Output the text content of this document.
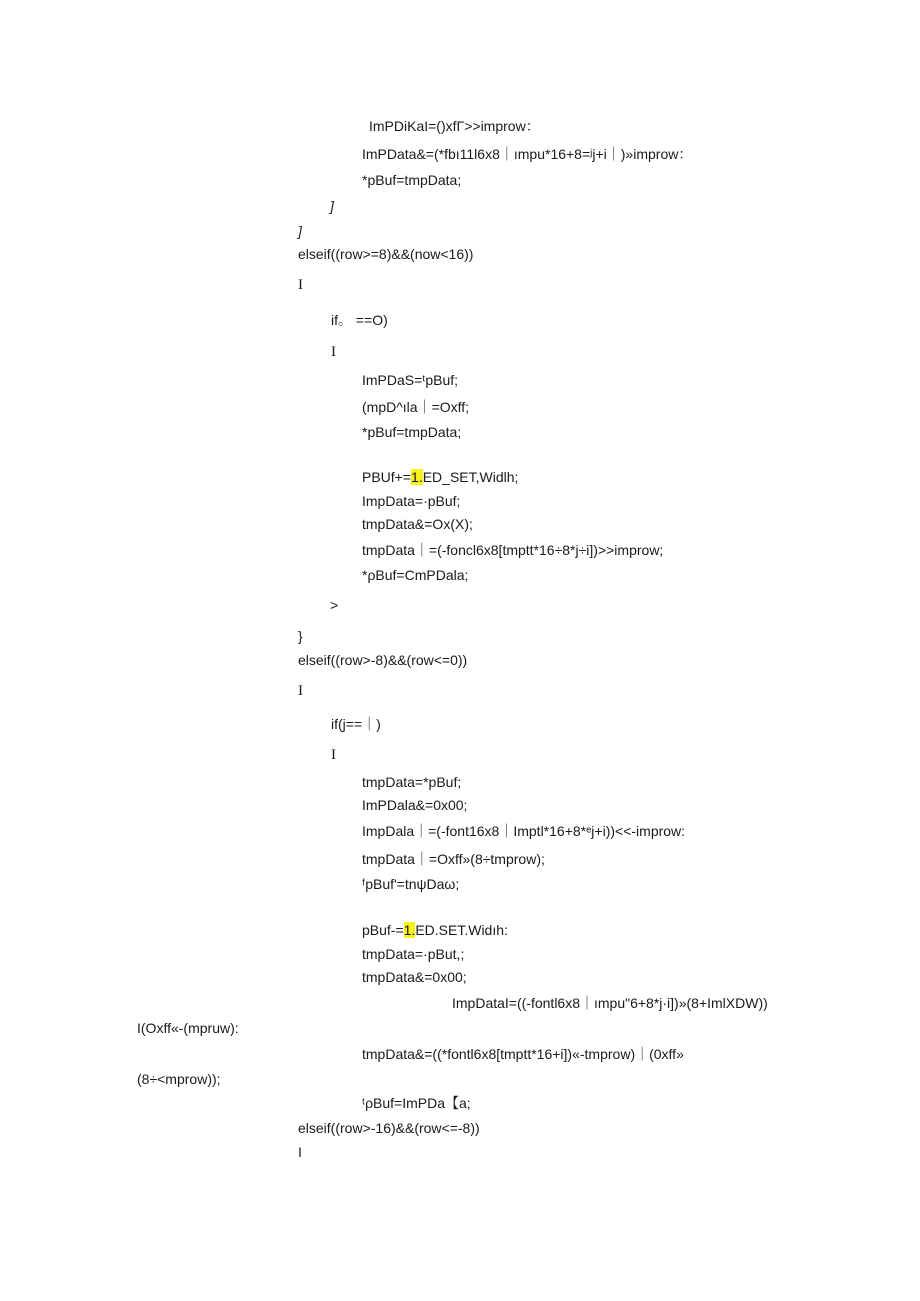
ImPDiKaI=()xfΓ>>improw：
ImPData&=(*fbı11l6x8｜ımpu*16+8=ʲj+i｜)»improw：
*pBuf=tmpData;
]
]
elseif((row>=8)&&(now<16))
I
if。 ==O)
I
ImPDaS=ᵗpBuf;
(mpD^ıla｜=Oxff;
*pBuf=tmpData;
PBUf+=1.ED_SET,Widlh;
ImpData=·pBuf;
tmpData&=Ox(X);
tmpData｜=(-foncl6x8[tmptt*16÷8*j÷i])>>improw;
*ρBuf=CmPDala;
>
}
elseif((row>-8)&&(row<=0))
I
if(j==｜)
I
tmpData=*pBuf;
ImPDala&=0x00;
ImpDala｜=(-font16x8｜Imptl*16+8*ᵉj+i))<<-improw:
tmpData｜=Oxff»(8÷tmprow);
ᶠpBuf'=tnψDaω;
pBuf-=1.ED.SET.Widıh:
tmpData=·pBut,;
tmpData&=0x00;
ImpDataI=((-fontl6x8｜ımpu"6+8*j·i])»(8+ImlXDW))
I(Oxff«-(mpruw):
tmpData&=((*fontl6x8[tmptt*16+i])«-tmprow)｜(0xff»
(8÷<mprow));
ᵗρBuf=ImPDa【a;
elseif((row>-16)&&(row<=-8))
I
